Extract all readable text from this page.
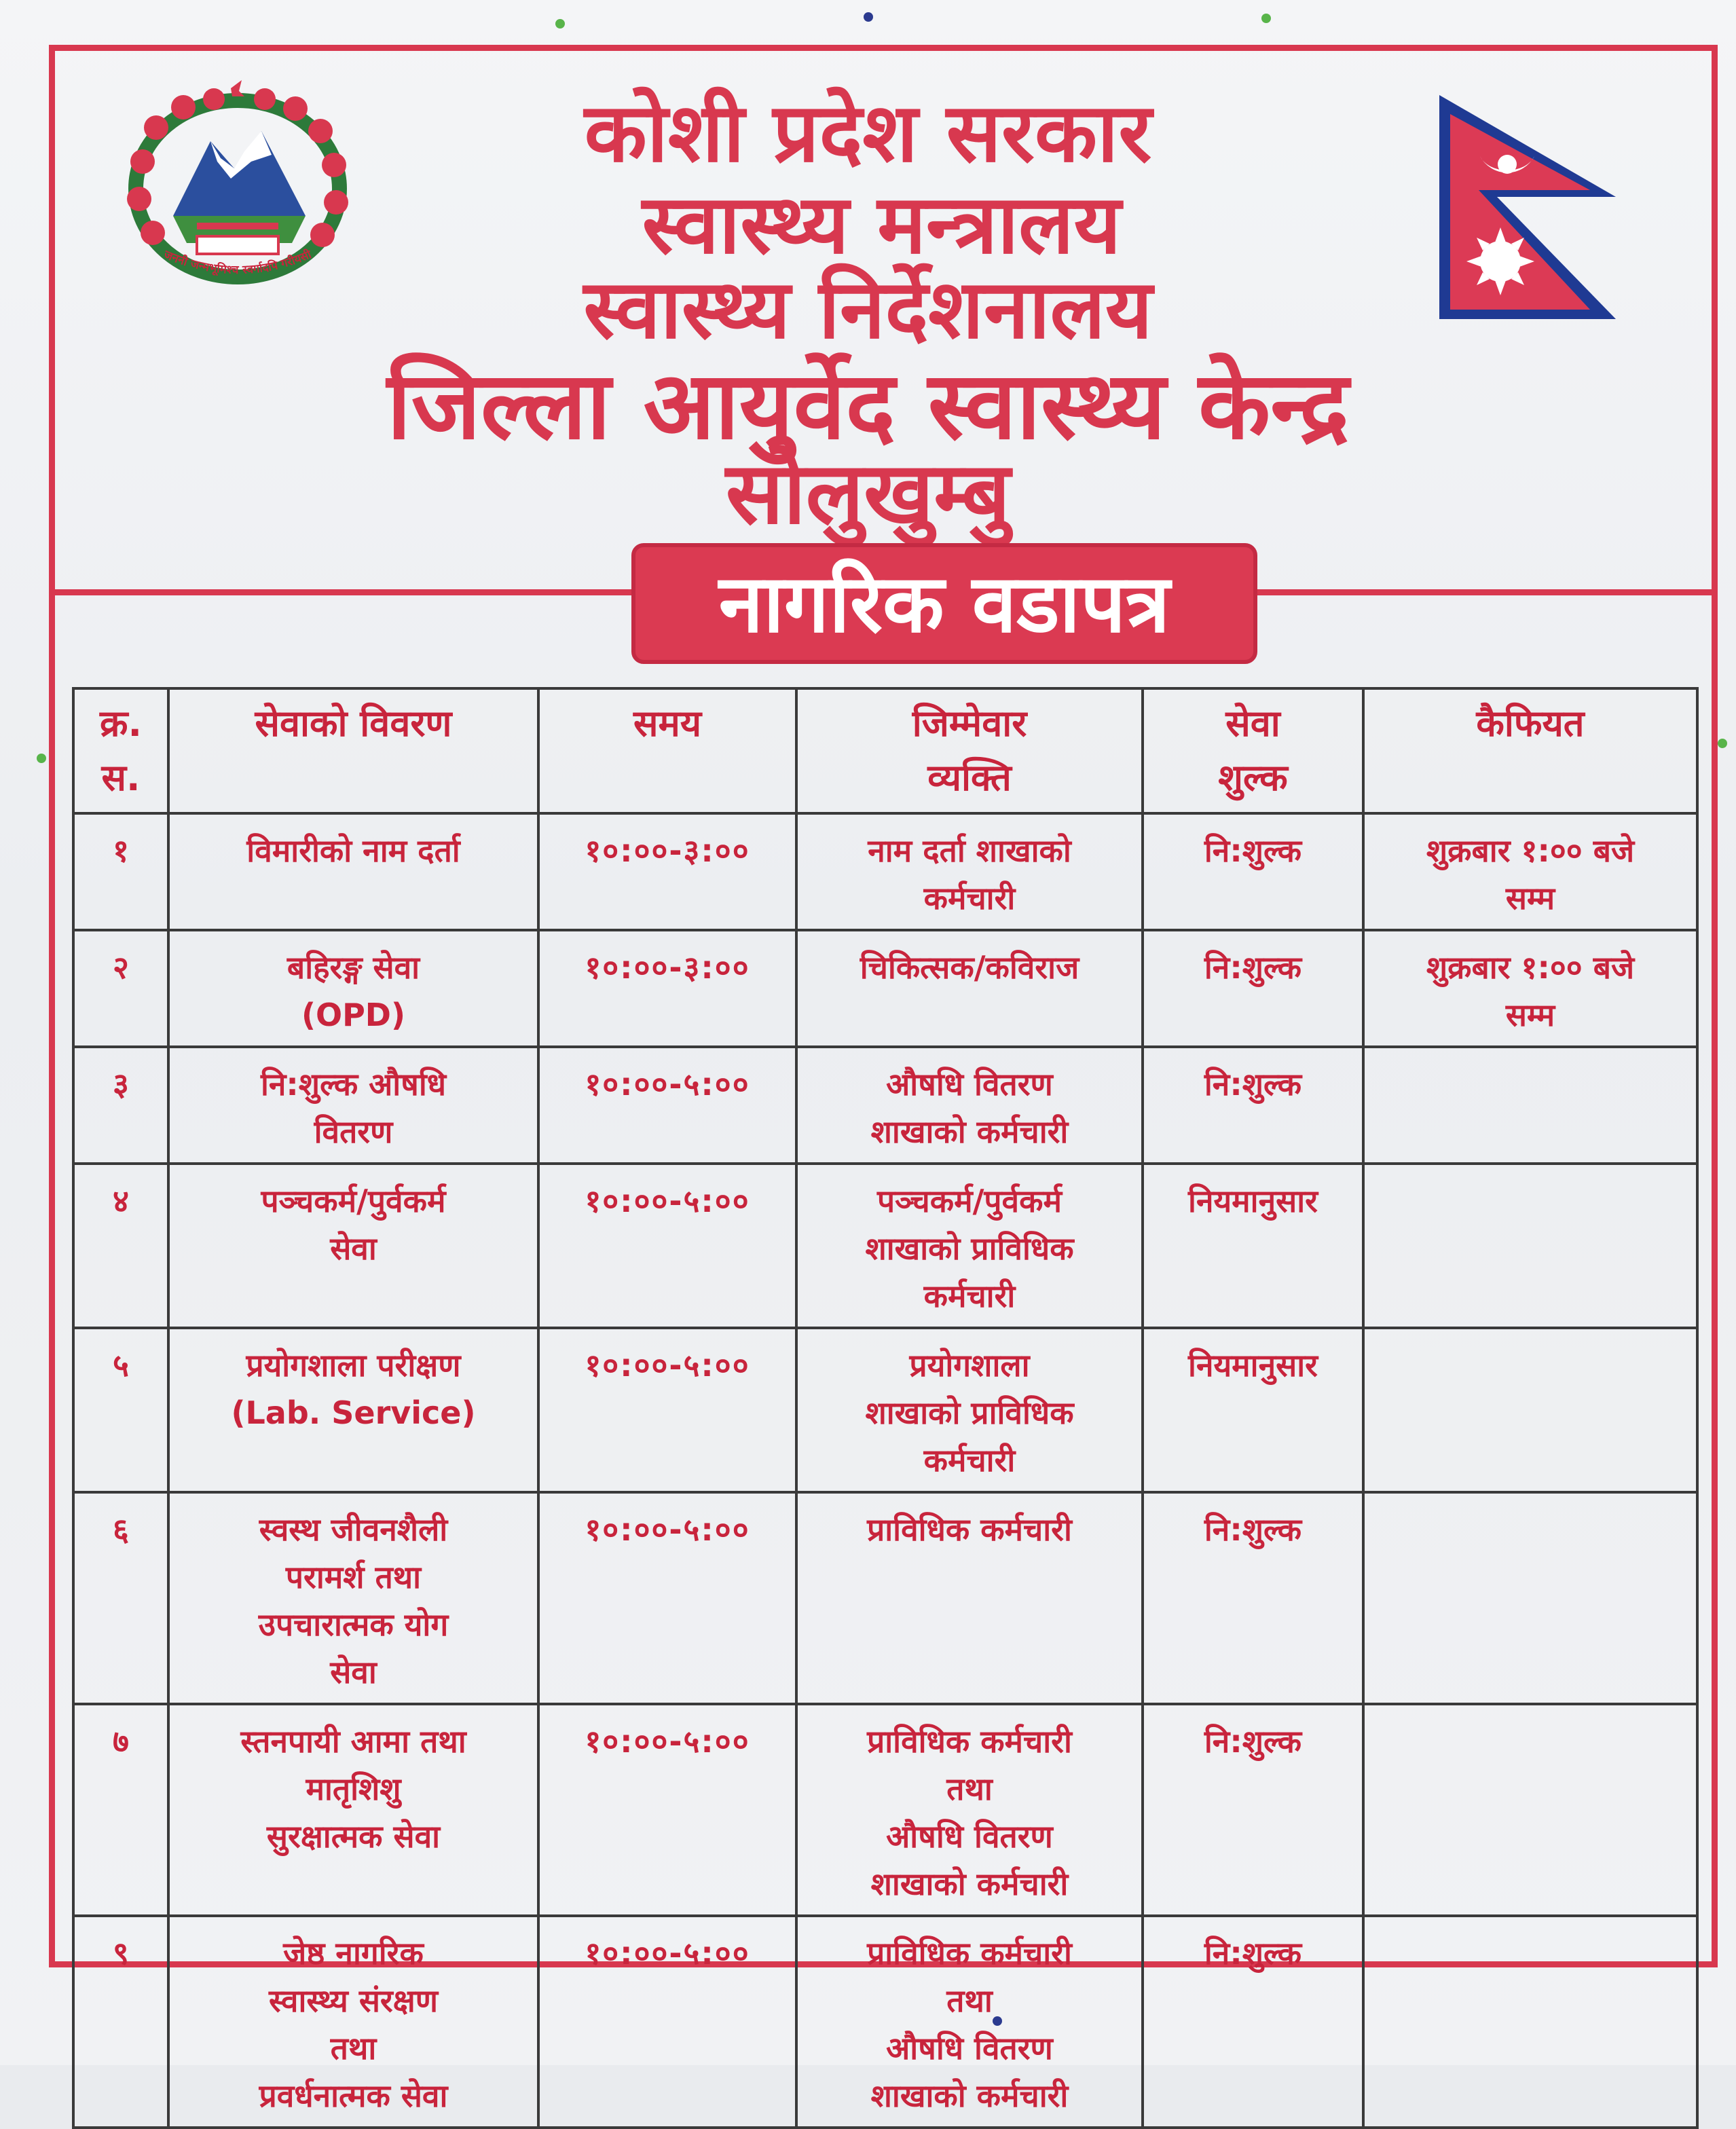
जननी जन्मभूमिश्च स्वर्गादपि गरीयसी
कोशी प्रदेश सरकार
स्वास्थ्य मन्त्रालय
स्वास्थ्य निर्देशनालय
जिल्ला आयुर्वेद स्वास्थ्य केन्द्र
सोलुखुम्बु
नागरिक वडापत्र
क्र.
स.	सेवाको विवरण	समय	जिम्मेवार
व्यक्ति	सेवा
शुल्क	कैफियत
१	विमारीको नाम दर्ता	१०:००-३:००	नाम दर्ता शाखाको
कर्मचारी	नि:शुल्क	शुक्रबार १:०० बजे
सम्म
२	बहिरङ्ग सेवा
(OPD)	१०:००-३:००	चिकित्सक/कविराज	नि:शुल्क	शुक्रबार १:०० बजे
सम्म
३	नि:शुल्क औषधि
वितरण	१०:००-५:००	औषधि वितरण
शाखाको कर्मचारी	नि:शुल्क	
४	पञ्चकर्म/पुर्वकर्म
सेवा	१०:००-५:००	पञ्चकर्म/पुर्वकर्म
शाखाको प्राविधिक
कर्मचारी	नियमानुसार	
५	प्रयोगशाला परीक्षण
(Lab. Service)	१०:००-५:००	प्रयोगशाला
शाखाको प्राविधिक
कर्मचारी	नियमानुसार	
६	स्वस्थ जीवनशैली
परामर्श तथा
उपचारात्मक योग
सेवा	१०:००-५:००	प्राविधिक कर्मचारी	नि:शुल्क	
७	स्तनपायी आमा तथा
मातृशिशु
सुरक्षात्मक सेवा	१०:००-५:००	प्राविधिक कर्मचारी
तथा
औषधि वितरण
शाखाको कर्मचारी	नि:शुल्क	
९	जेष्ठ नागरिक
स्वास्थ्य संरक्षण
तथा
प्रवर्धनात्मक सेवा	१०:००-५:००	प्राविधिक कर्मचारी
तथा
औषधि वितरण
शाखाको कर्मचारी	नि:शुल्क	
